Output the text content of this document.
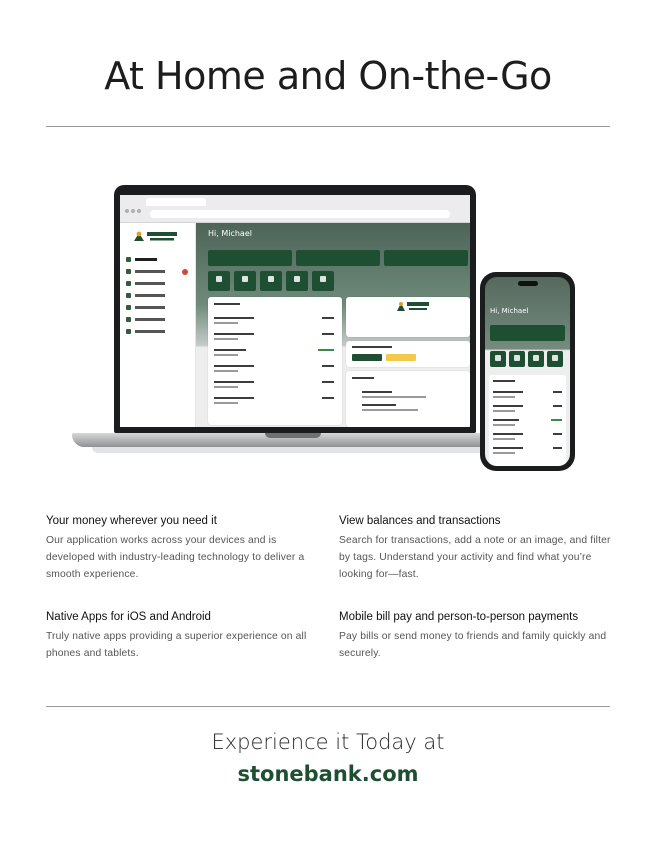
At Home and On-the-Go
Hi, Michael
Hi, Michael
Your money wherever you need it
Our application works across your devices and is developed with industry-leading technology to deliver a smooth experience.
View balances and transactions
Search for transactions, add a note or an image, and filter by tags. Understand your activity and find what you’re looking for—fast.
Native Apps for iOS and Android
Truly native apps providing a superior experience on all phones and tablets.
Mobile bill pay and person-to-person payments
Pay bills or send money to friends and family quickly and securely.
Experience it Today at
stonebank.com
